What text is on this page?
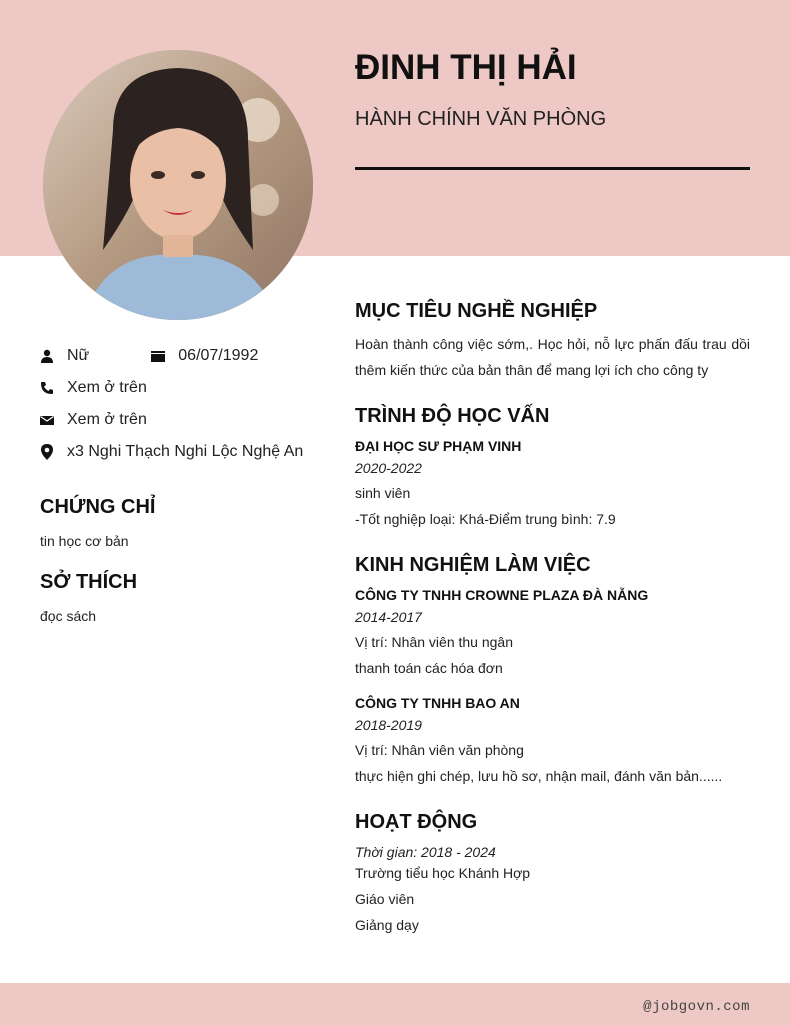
ĐINH THỊ HẢI
HÀNH CHÍNH VĂN PHÒNG
Nữ	06/07/1992
Xem ở trên
Xem ở trên
x3 Nghi Thạch Nghi Lộc Nghệ An
CHỨNG CHỈ
tin học cơ bản
SỞ THÍCH
đọc sách
MỤC TIÊU NGHỀ NGHIỆP
Hoàn thành công việc sớm,. Học hỏi, nỗ lực phấn đấu trau dồi thêm kiến thức của bản thân để mang lợi ích cho công ty
TRÌNH ĐỘ HỌC VẤN
ĐẠI HỌC SƯ PHẠM VINH
2020-2022
sinh viên
-Tốt nghiệp loại: Khá-Điểm trung bình: 7.9
KINH NGHIỆM LÀM VIỆC
CÔNG TY TNHH CROWNE PLAZA ĐÀ NẴNG
2014-2017
Vị trí: Nhân viên thu ngân
thanh toán các hóa đơn
CÔNG TY TNHH BAO AN
2018-2019
Vị trí: Nhân viên văn phòng
thực hiện ghi chép, lưu hồ sơ, nhận mail, đánh văn bản......
HOẠT ĐỘNG
Thời gian: 2018 - 2024
Trường tiểu học Khánh Hợp
Giáo viên
Giảng dạy
@jobgovn.com
